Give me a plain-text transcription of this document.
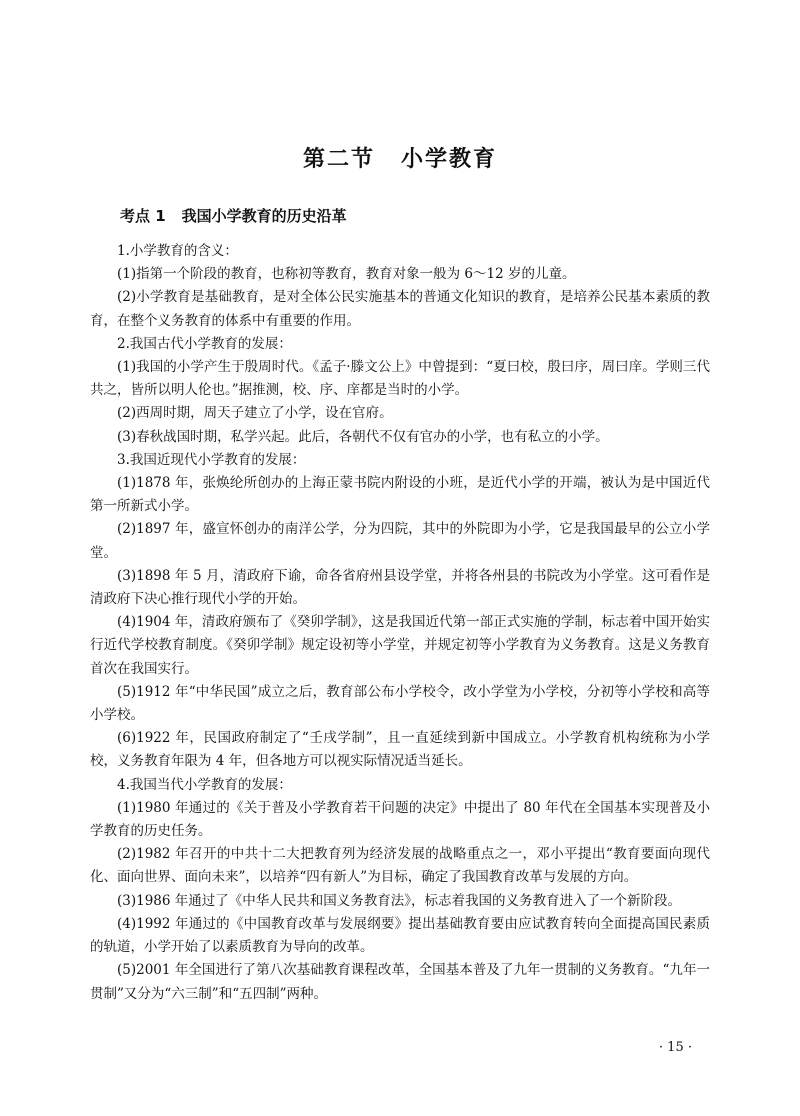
第二节 小学教育
考点 1 我国小学教育的历史沿革

1.小学教育的含义：

(1)指第一个阶段的教育，也称初等教育，教育对象一般为 6～12 岁的儿童。

(2)小学教育是基础教育，是对全体公民实施基本的普通文化知识的教育，是培养公民基本素质的教育，在整个义务教育的体系中有重要的作用。

2.我国古代小学教育的发展：

(1)我国的小学产生于殷周时代。《孟子·滕文公上》中曾提到：“夏曰校，殷曰序，周曰庠。学则三代共之，皆所以明人伦也。”据推测，校、序、庠都是当时的小学。

(2)西周时期，周天子建立了小学，设在官府。

(3)春秋战国时期，私学兴起。此后，各朝代不仅有官办的小学，也有私立的小学。

3.我国近现代小学教育的发展：

(1)1878 年，张焕纶所创办的上海正蒙书院内附设的小班，是近代小学的开端，被认为是中国近代第一所新式小学。

(2)1897 年，盛宣怀创办的南洋公学，分为四院，其中的外院即为小学，它是我国最早的公立小学堂。

(3)1898 年 5 月，清政府下谕，命各省府州县设学堂，并将各州县的书院改为小学堂。这可看作是清政府下决心推行现代小学的开始。

(4)1904 年，清政府颁布了《癸卯学制》，这是我国近代第一部正式实施的学制，标志着中国开始实行近代学校教育制度。《癸卯学制》规定设初等小学堂，并规定初等小学教育为义务教育。这是义务教育首次在我国实行。

(5)1912 年“中华民国”成立之后，教育部公布小学校令，改小学堂为小学校，分初等小学校和高等小学校。

(6)1922 年，民国政府制定了“壬戌学制”，且一直延续到新中国成立。小学教育机构统称为小学校，义务教育年限为 4 年，但各地方可以视实际情况适当延长。

4.我国当代小学教育的发展：

(1)1980 年通过的《关于普及小学教育若干问题的决定》中提出了 80 年代在全国基本实现普及小学教育的历史任务。

(2)1982 年召开的中共十二大把教育列为经济发展的战略重点之一，邓小平提出“教育要面向现代化、面向世界、面向未来”，以培养“四有新人”为目标，确定了我国教育改革与发展的方向。

(3)1986 年通过了《中华人民共和国义务教育法》，标志着我国的义务教育进入了一个新阶段。

(4)1992 年通过的《中国教育改革与发展纲要》提出基础教育要由应试教育转向全面提高国民素质的轨道，小学开始了以素质教育为导向的改革。

(5)2001 年全国进行了第八次基础教育课程改革，全国基本普及了九年一贯制的义务教育。“九年一贯制”又分为“六三制”和“五四制”两种。

· 15 ·
